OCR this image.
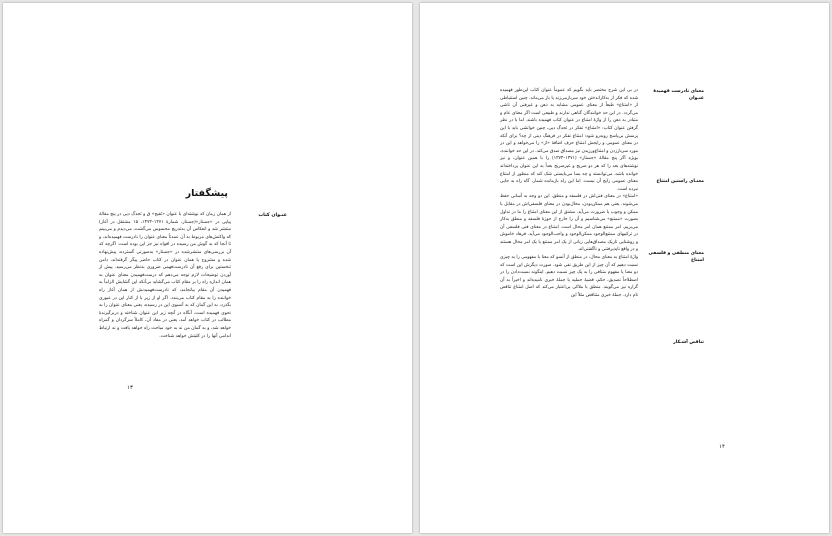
پیشگفتار
عنـوان کتاب

از همان زمان که نوشته‌ای با عنوان «ثقیح» ق و ‌ثجدگ دیی در پنج مقالهٔ پیاپی در «جستار»(جستار، شمارهٔ ۱۳۷۱–۱۳۷۳، ۱۵ مشتقل در آغاز) منتشر شد و انعکاس آن به‌تدریج محسوس می‌گشت، می‌دیدم و می‌بینم که واکنش‌های مربوط به آن عمدتاً معنای عنوان را نادرست فهمیده‌اند، و تا آنجا که به گوش من رسیده در افواه نیز جز این بوده است. اگرچه که آن بررسی‌های منتشرشده در «جستار» به‌صورتی گسترده، پیش‌نهاده شده و مشروح یا همان عنوان در کتاب حاضر پیگر گرفته‌اند، دامن تنخستین برای رفع آن نادرست‌فهمی ضروری به‌نظر می‌رسید. پیش از آوردن توضیحات لازم توجه می‌دهم که درست‌فهمیدن معنای عنوان به همان اندازه راه را بر مقام کتاب می‌گشاید بی‌آنکه این گشایش الزاماً به فهمیدن آن مقام بیانجامد، که نادرست‌فهمیدنش از همان آغاز راه خواننده را به مقام کتاب می‌بندد. اگر او از زیر با از کنار این در عبوری بگذرد، به این گمان که به آنسوی این در رسیده، یعنی معنای عنوان را به نحوی فهمیده است، آنگاه در آنچه زیر این عنوان شناخته و دربرگیرندهٔ مطالب در کتاب خواهد آمد، یعنی در مفاد آن، کاملاً سرگردان و گمراه خواهد شد، و به گمان من نه به خود مباحث راه خواهد یافت و نه ارتباط اندامی آنها را در کلیتش خواهد شناخت.

۱۳
معنای نادرست فهمیدهٔ عنـوان
معنـای راستین امتناع
معنای منطقی و فلسفی امتناع
تناقض آشـکار

در بی این شرح مختصر باید بگویم که عموماً عنوان کتاب این‌طور فهمیده شده که فکر از به‌کاراندختن خود سربازمی‌زند یا باز می‌ماند. چنین استنباطی از «امتناع» طبعاً از معنای عمومی مشابه به ذهن و غیرفنی آن ناشی می‌گردد. در این حد خوانندگان گناهی ندارند و طبیعی است اگر معنای عام و متبادر به ذهن را از واژهٔ امتناع در عنوان کتاب فهمیده باشند. اما با در نظر گرفتن عنوان کتاب: «امتناع» تفکر در ‌ثجدگ دیی، چنین خوانشی باید با این پرسش بی‌پاسخ روبه‌رو شود: امتناع تفکر در فرهنگ دینی از چه؟ برای آنکه در معنای عمومی و رایجش امتناع حرف اضافهٔ «از» را می‌خواهد و این در مورد سرباززدن و امتناع‌ورزیدن نیز مصداق صدق می‌کند. در این حد خواننده، بویژه اگر پنج مقالهٔ «جستار» (۱۳۷۱–۱۳۷۳) را با همین عنوان، و نیز نوشته‌های بعد را که هر دو صریح و غیرصریح بعداً به این عنوان پرداخته‌اند خوانده باشد، می‌توانسته و چه بسا می‌بایستی شک کند که منظور از امتناع معنای عمومی رایج آن نیست. اما این راه بازمانده شمار، گاه راه به جایی نبرده است.

«امتناع» در معنای فنی‌اش در فلسفه و منطق، این دو وجه به آسانی حفظ می‌شوند. یعنی هم ممکن‌بودن، محال‌بودن در معنای فلسفی‌اش در مقابل با ممکن و وجوب یا ضرورت می‌آید. مشتق از این معنای امتناع را ما در تداول بصورت «ممتنع» می‌شناسیم و آن را خارج از حوزهٔ فلسفه و منطق به‌کار می‌بریم. امر ممتنع همان امر محال است. امتناع در معنای فنی فلسفی آن در ترکیبهای ممتنع‌الوجود ممکن‌الوجود و واجب‌الوجود می‌آید. فرهاد خاموش و روشنایی تاریک مصداق‌هایی زبانی از یک امر ممتنع یا یک امر محال هستند و در واقع ناپذیرفتنی و ناگفتنی‌اند.

واژهٔ امتناع به معنای محال، در منطق از آنسو که معنا با مفهومی را به چیزی نسبت دهیم که آن چیز از این طریق نفی شود. صورت دیگرش این است که دو معنا یا مفهوم متنافی را به یک چیز نسبت دهیم. اینگونه نسبت‌دادن را در اصطلاحاً تصدیق، حکم، قضیهٔ حملیه یا جملهٔ خبری نامیده‌اند و اخیراً به آن گزاره نیز می‌گویند. منطق با ملاکی بی‌اعتبار می‌کند که اصل امتناع تناقض نام دارد. جملهٔ خبری متناقض مثلاً این

۱۴
